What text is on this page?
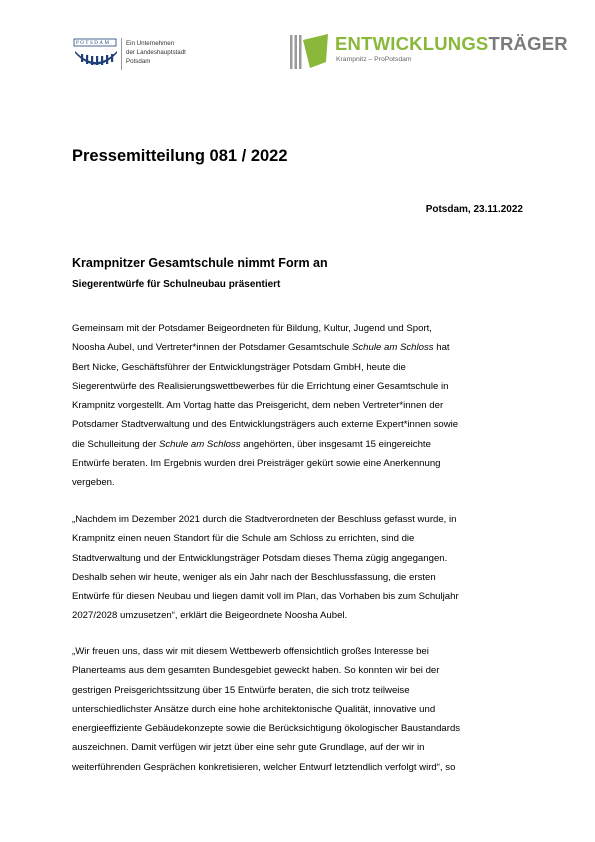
POTSDAM	Ein Unternehmen
der Landeshauptstadt
Potsdam
ENTWICKLUNGSTRÄGER
Krampnitz – ProPotsdam
Pressemitteilung 081 / 2022
Potsdam, 23.11.2022
Krampnitzer Gesamtschule nimmt Form an
Siegerentwürfe für Schulneubau präsentiert
Gemeinsam mit der Potsdamer Beigeordneten für Bildung, Kultur, Jugend und Sport,
Noosha Aubel, und Vertreter*innen der Potsdamer Gesamtschule Schule am Schloss hat
Bert Nicke, Geschäftsführer der Entwicklungsträger Potsdam GmbH, heute die
Siegerentwürfe des Realisierungswettbewerbes für die Errichtung einer Gesamtschule in
Krampnitz vorgestellt. Am Vortag hatte das Preisgericht, dem neben Vertreter*innen der
Potsdamer Stadtverwaltung und des Entwicklungsträgers auch externe Expert*innen sowie
die Schulleitung der Schule am Schloss angehörten, über insgesamt 15 eingereichte
Entwürfe beraten. Im Ergebnis wurden drei Preisträger gekürt sowie eine Anerkennung
vergeben.
„Nachdem im Dezember 2021 durch die Stadtverordneten der Beschluss gefasst wurde, in
Krampnitz einen neuen Standort für die Schule am Schloss zu errichten, sind die
Stadtverwaltung und der Entwicklungsträger Potsdam dieses Thema zügig angegangen.
Deshalb sehen wir heute, weniger als ein Jahr nach der Beschlussfassung, die ersten
Entwürfe für diesen Neubau und liegen damit voll im Plan, das Vorhaben bis zum Schuljahr
2027/2028 umzusetzen“, erklärt die Beigeordnete Noosha Aubel.
„Wir freuen uns, dass wir mit diesem Wettbewerb offensichtlich großes Interesse bei
Planerteams aus dem gesamten Bundesgebiet geweckt haben. So konnten wir bei der
gestrigen Preisgerichtssitzung über 15 Entwürfe beraten, die sich trotz teilweise
unterschiedlichster Ansätze durch eine hohe architektonische Qualität, innovative und
energieeffiziente Gebäudekonzepte sowie die Berücksichtigung ökologischer Baustandards
auszeichnen. Damit verfügen wir jetzt über eine sehr gute Grundlage, auf der wir in
weiterführenden Gesprächen konkretisieren, welcher Entwurf letztendlich verfolgt wird“, so
